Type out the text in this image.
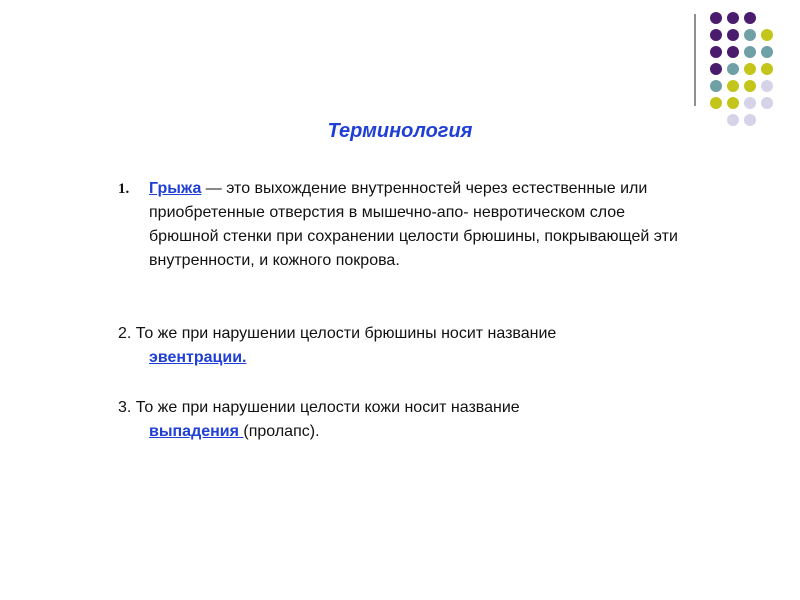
Терминология
1. Грыжа — это выхождение внутренностей через естественные или приобретенные отверстия в мышечно-апо- невротическом слое брюшной стенки при сохранении целости брюшины, покрывающей эти внутренности, и кожного покрова.
2. То же при нарушении целости брюшины носит название
эвентрации.
3. То же при нарушении целости кожи носит название
выпадения (пролапс).
